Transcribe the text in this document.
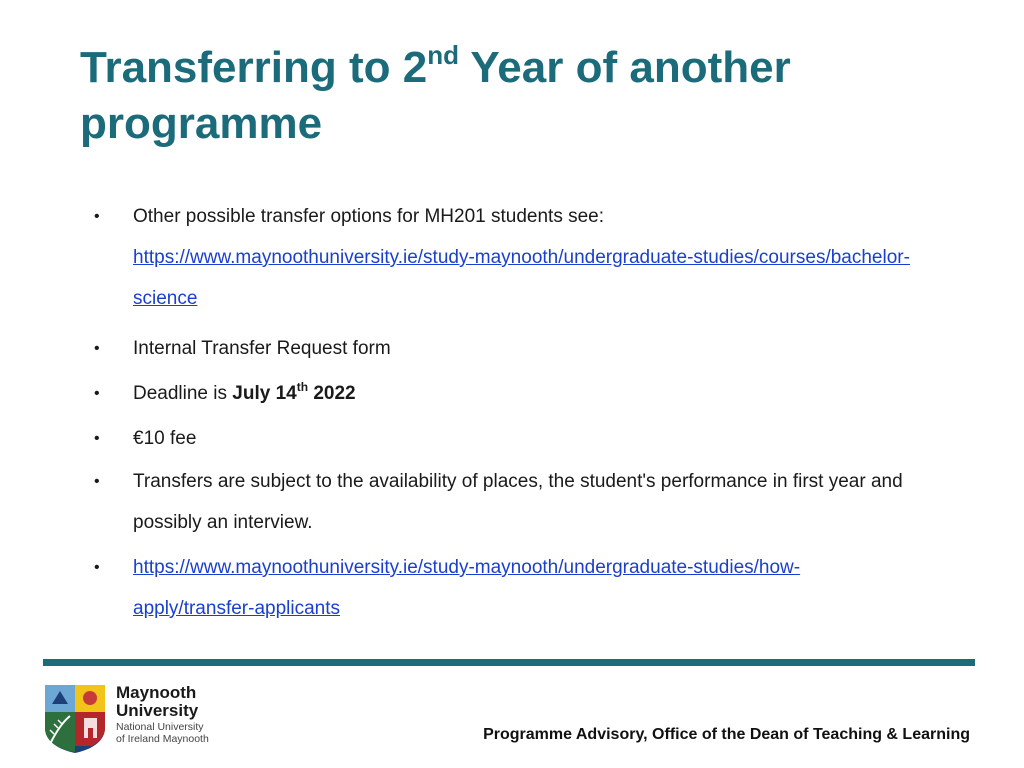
Transferring to 2nd Year of another programme
• Other possible transfer options for MH201 students see:
https://www.maynoothuniversity.ie/study-maynooth/undergraduate-studies/courses/bachelor-science
• Internal Transfer Request form
• Deadline is July 14th 2022
• €10 fee
• Transfers are subject to the availability of places, the student's performance in first year and possibly an interview.
• https://www.maynoothuniversity.ie/study-maynooth/undergraduate-studies/how-apply/transfer-applicants
Maynooth
University
National University
of Ireland Maynooth	Programme Advisory, Office of the Dean of Teaching & Learning
